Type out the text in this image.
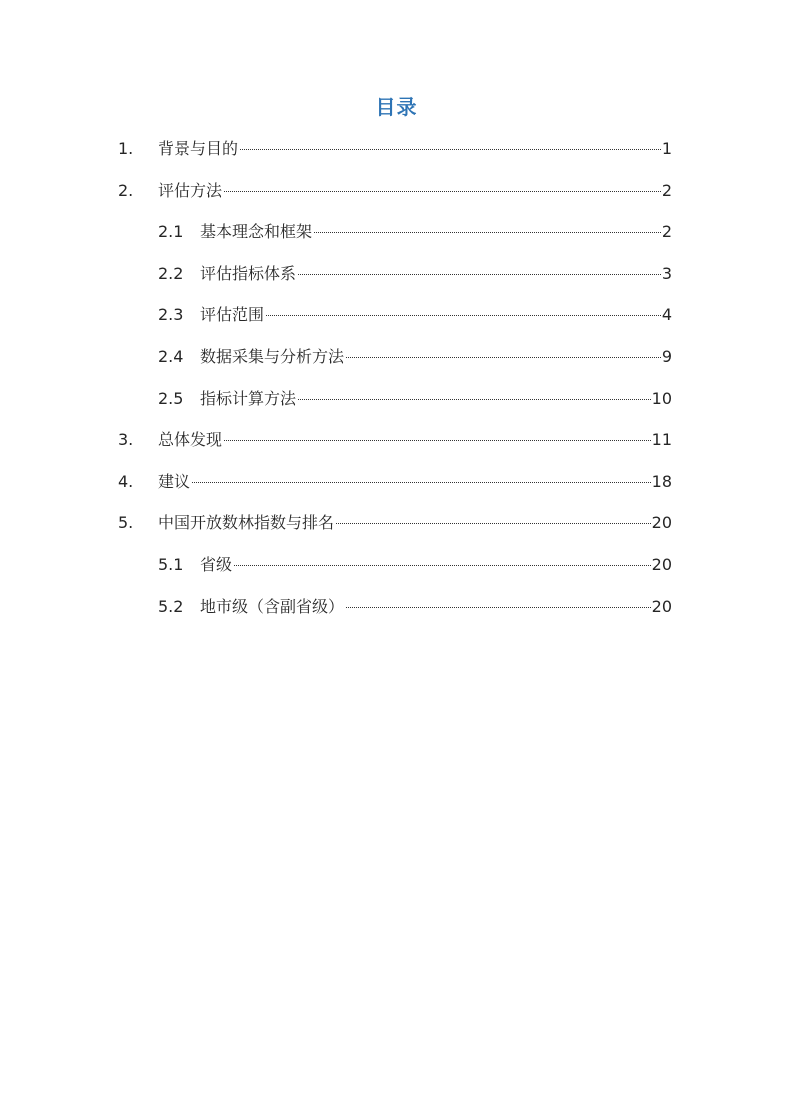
目录
1.	背景与目的	1
2.	评估方法	2
2.1	基本理念和框架	2
2.2	评估指标体系	3
2.3	评估范围	4
2.4	数据采集与分析方法	9
2.5	指标计算方法	10
3.	总体发现	11
4.	建议	18
5.	中国开放数林指数与排名	20
5.1	省级	20
5.2	地市级（含副省级）	20
